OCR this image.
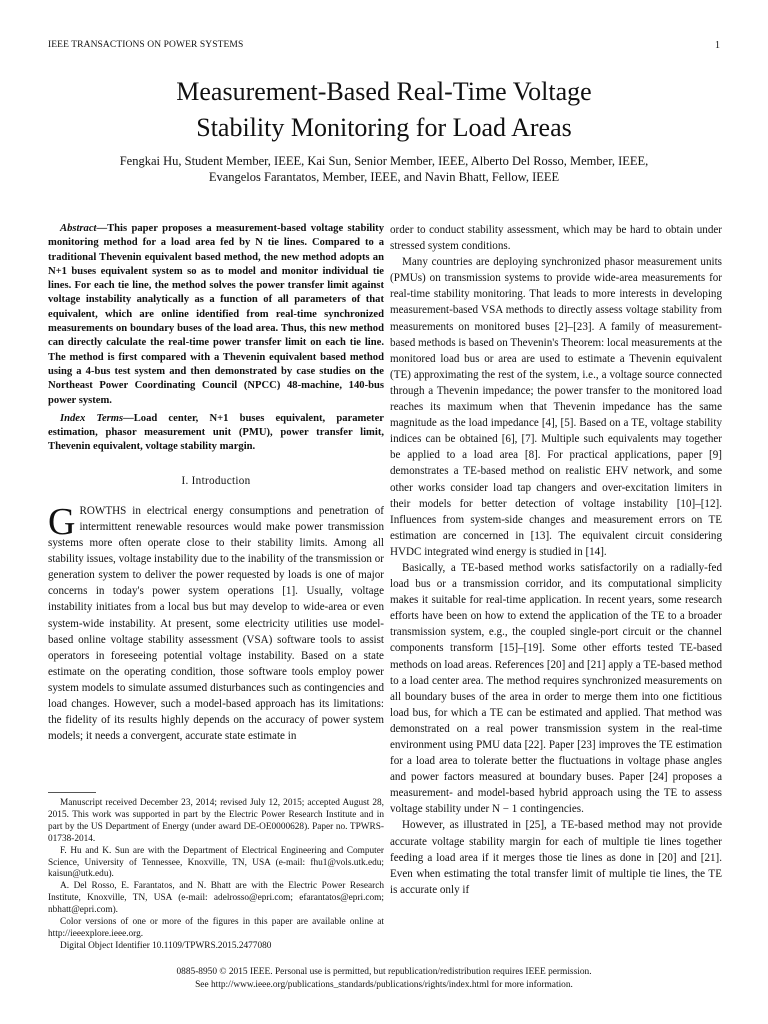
IEEE TRANSACTIONS ON POWER SYSTEMS	1
Measurement-Based Real-Time Voltage
Stability Monitoring for Load Areas
Fengkai Hu, Student Member, IEEE, Kai Sun, Senior Member, IEEE, Alberto Del Rosso, Member, IEEE,
Evangelos Farantatos, Member, IEEE, and Navin Bhatt, Fellow, IEEE

Abstract—This paper proposes a measurement-based voltage stability monitoring method for a load area fed by N tie lines. Compared to a traditional Thevenin equivalent based method, the new method adopts an N+1 buses equivalent system so as to model and monitor individual tie lines. For each tie line, the method solves the power transfer limit against voltage instability analytically as a function of all parameters of that equivalent, which are online identified from real-time synchronized measurements on boundary buses of the load area. Thus, this new method can directly calculate the real-time power transfer limit on each tie line. The method is first compared with a Thevenin equivalent based method using a 4-bus test system and then demonstrated by case studies on the Northeast Power Coordinating Council (NPCC) 48-machine, 140-bus power system.

Index Terms—Load center, N+1 buses equivalent, parameter estimation, phasor measurement unit (PMU), power transfer limit, Thevenin equivalent, voltage stability margin.

I. Introduction

GROWTHS in electrical energy consumptions and penetration of intermittent renewable resources would make power transmission systems more often operate close to their stability limits. Among all stability issues, voltage instability due to the inability of the transmission or generation system to deliver the power requested by loads is one of major concerns in today's power system operations [1]. Usually, voltage instability initiates from a local bus but may develop to wide-area or even system-wide instability. At present, some electricity utilities use model-based online voltage stability assessment (VSA) software tools to assist operators in foreseeing potential voltage instability. Based on a state estimate on the operating condition, those software tools employ power system models to simulate assumed disturbances such as contingencies and load changes. However, such a model-based approach has its limitations: the fidelity of its results highly depends on the accuracy of power system models; it needs a convergent, accurate state estimate in

Manuscript received December 23, 2014; revised July 12, 2015; accepted August 28, 2015. This work was supported in part by the Electric Power Research Institute and in part by the US Department of Energy (under award DE-OE0000628). Paper no. TPWRS-01738-2014.

F. Hu and K. Sun are with the Department of Electrical Engineering and Computer Science, University of Tennessee, Knoxville, TN, USA (e-mail: fhu1@vols.utk.edu; kaisun@utk.edu).

A. Del Rosso, E. Farantatos, and N. Bhatt are with the Electric Power Research Institute, Knoxville, TN, USA (e-mail: adelrosso@epri.com; efarantatos@epri.com; nbhatt@epri.com).

Color versions of one or more of the figures in this paper are available online at http://ieeexplore.ieee.org.

Digital Object Identifier 10.1109/TPWRS.2015.2477080

order to conduct stability assessment, which may be hard to obtain under stressed system conditions.

Many countries are deploying synchronized phasor measurement units (PMUs) on transmission systems to provide wide-area measurements for real-time stability monitoring. That leads to more interests in developing measurement-based VSA methods to directly assess voltage stability from measurements on monitored buses [2]–[23]. A family of measurement-based methods is based on Thevenin's Theorem: local measurements at the monitored load bus or area are used to estimate a Thevenin equivalent (TE) approximating the rest of the system, i.e., a voltage source connected through a Thevenin impedance; the power transfer to the monitored load reaches its maximum when that Thevenin impedance has the same magnitude as the load impedance [4], [5]. Based on a TE, voltage stability indices can be obtained [6], [7]. Multiple such equivalents may together be applied to a load area [8]. For practical applications, paper [9] demonstrates a TE-based method on realistic EHV network, and some other works consider load tap changers and over-excitation limiters in their models for better detection of voltage instability [10]–[12]. Influences from system-side changes and measurement errors on TE estimation are concerned in [13]. The equivalent circuit considering HVDC integrated wind energy is studied in [14].

Basically, a TE-based method works satisfactorily on a radially-fed load bus or a transmission corridor, and its computational simplicity makes it suitable for real-time application. In recent years, some research efforts have been on how to extend the application of the TE to a broader transmission system, e.g., the coupled single-port circuit or the channel components transform [15]–[19]. Some other efforts tested TE-based methods on load areas. References [20] and [21] apply a TE-based method to a load center area. The method requires synchronized measurements on all boundary buses of the area in order to merge them into one fictitious load bus, for which a TE can be estimated and applied. That method was demonstrated on a real power transmission system in the real-time environment using PMU data [22]. Paper [23] improves the TE estimation for a load area to tolerate better the fluctuations in voltage phase angles and power factors measured at boundary buses. Paper [24] proposes a measurement- and model-based hybrid approach using the TE to assess voltage stability under N − 1 contingencies.

However, as illustrated in [25], a TE-based method may not provide accurate voltage stability margin for each of multiple tie lines together feeding a load area if it merges those tie lines as done in [20] and [21]. Even when estimating the total transfer limit of multiple tie lines, the TE is accurate only if

0885-8950 © 2015 IEEE. Personal use is permitted, but republication/redistribution requires IEEE permission.
See http://www.ieee.org/publications_standards/publications/rights/index.html for more information.
